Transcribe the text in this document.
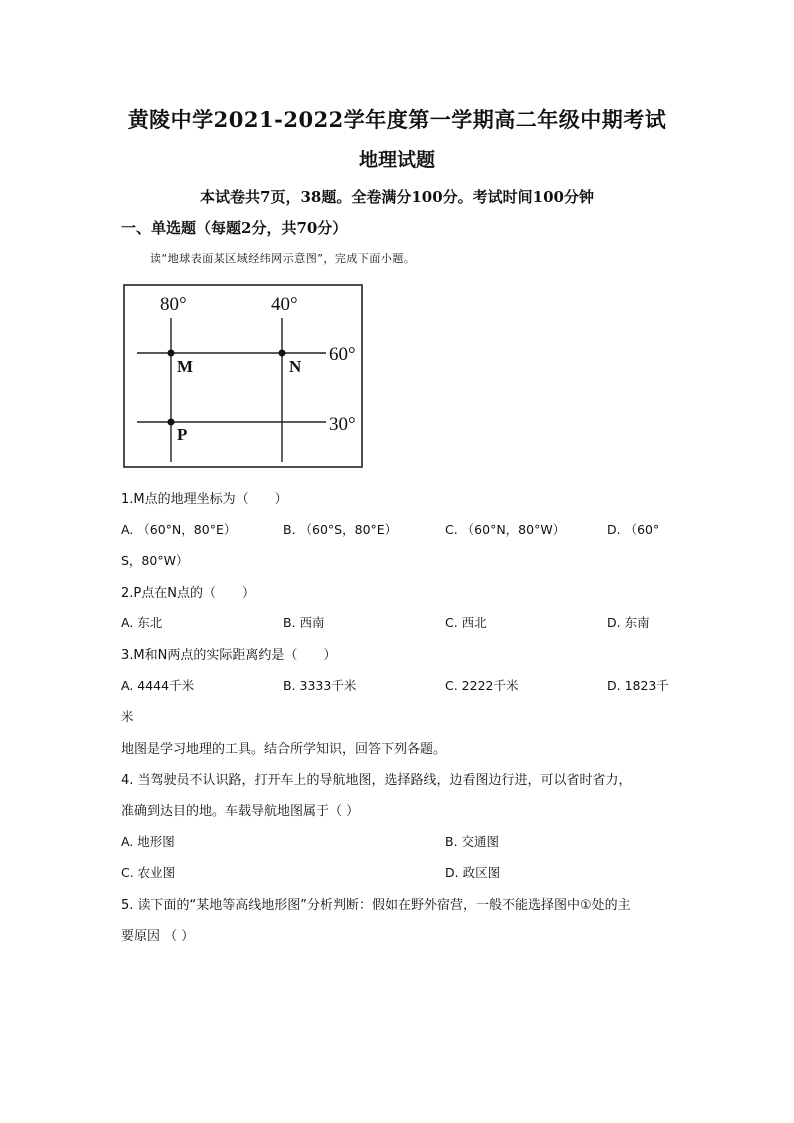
黄陵中学2021-2022学年度第一学期高二年级中期考试
地理试题
本试卷共7页，38题。全卷满分100分。考试时间100分钟
一、单选题（每题2分，共70分）
读“地球表面某区域经纬网示意图”，完成下面小题。
80°	40°
60°
30°
M	N
P
1.M点的地理坐标为（　　）
A. （60°N，80°E）	B. （60°S，80°E）	C. （60°N，80°W）	D. （60°
S，80°W）
2.P点在N点的（　　）
A. 东北	B. 西南	C. 西北	D. 东南
3.M和N两点的实际距离约是（　　）
A. 4444千米	B. 3333千米	C. 2222千米	D. 1823千
米
地图是学习地理的工具。结合所学知识，回答下列各题。
4. 当驾驶员不认识路，打开车上的导航地图，选择路线，边看图边行进，可以省时省力，
准确到达目的地。车载导航地图属于（ ）
A. 地形图	B. 交通图
C. 农业图	D. 政区图
5. 读下面的“某地等高线地形图”分析判断：假如在野外宿营，一般不能选择图中①处的主
要原因 （ ）
